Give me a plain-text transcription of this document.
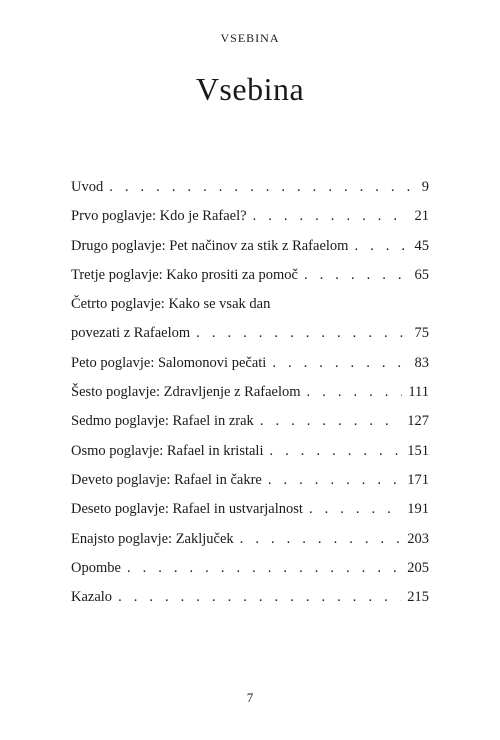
VSEBINA
Vsebina
Uvod . . .	9
Prvo poglavje: Kdo je Rafael? . . .	21
Drugo poglavje: Pet načinov za stik z Rafaelom . . .	45
Tretje poglavje: Kako prositi za pomoč . . .	65
Četrto poglavje: Kako se vsak dan
povezati z Rafaelom . . .	75
Peto poglavje: Salomonovi pečati . . .	83
Šesto poglavje: Zdravljenje z Rafaelom . . .	111
Sedmo poglavje: Rafael in zrak . . .	127
Osmo poglavje: Rafael in kristali . . .	151
Deveto poglavje: Rafael in čakre . . .	171
Deseto poglavje: Rafael in ustvarjalnost . . .	191
Enajsto poglavje: Zaključek . . .	203
Opombe . . .	205
Kazalo . . .	215
7
